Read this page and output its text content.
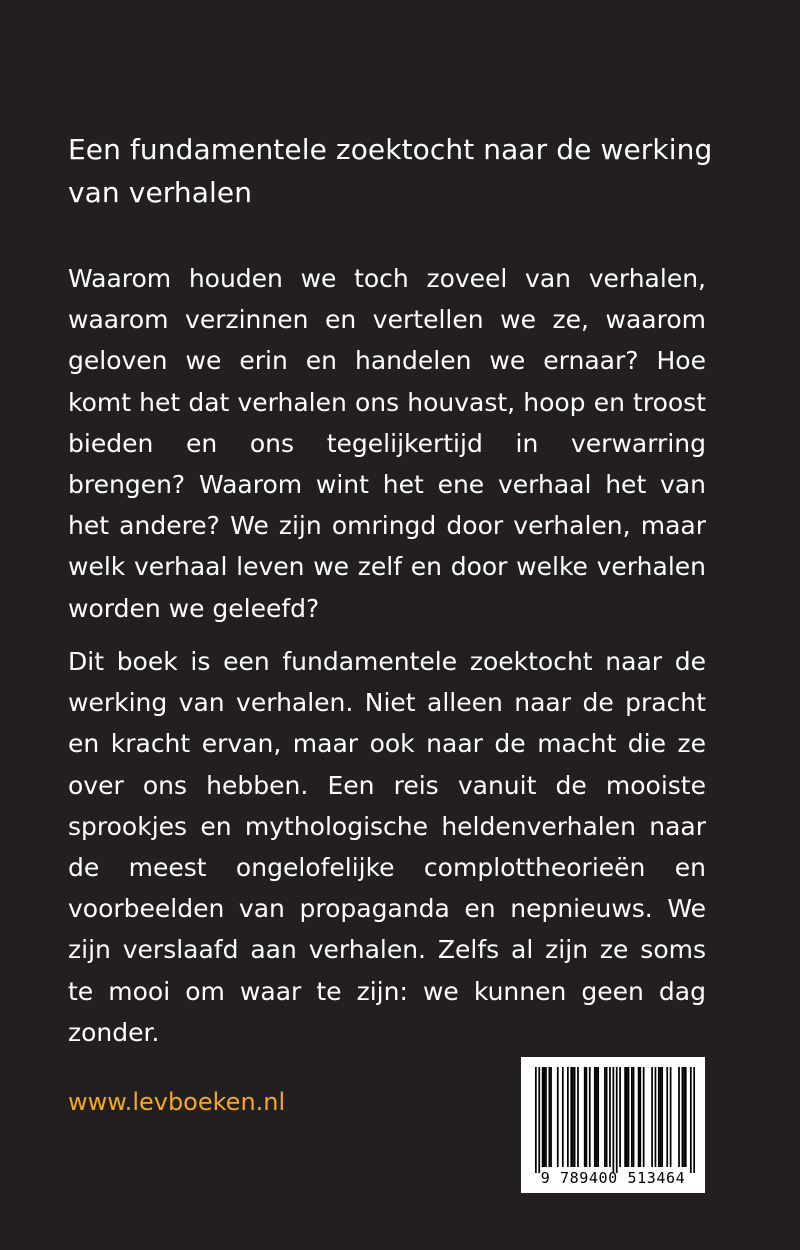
Een fundamentele zoektocht naar de werking van verhalen

Waarom houden we toch zoveel van verhalen, waarom verzinnen en vertellen we ze, waarom geloven we erin en handelen we ernaar? Hoe komt het dat verhalen ons houvast, hoop en troost bieden en ons tegelijkertijd in verwarring brengen? Waarom wint het ene verhaal het van het andere? We zijn omringd door verhalen, maar welk verhaal leven we zelf en door welke verhalen worden we geleefd?

Dit boek is een fundamentele zoektocht naar de werking van verhalen. Niet alleen naar de pracht en kracht ervan, maar ook naar de macht die ze over ons hebben. Een reis vanuit de mooiste sprookjes en mythologische heldenverhalen naar de meest ongelofelijke complottheorieën en voorbeelden van propaganda en nepnieuws. We zijn verslaafd aan verhalen. Zelfs al zijn ze soms te mooi om waar te zijn: we kunnen geen dag zonder.

www.levboeken.nl

9 789400 513464
